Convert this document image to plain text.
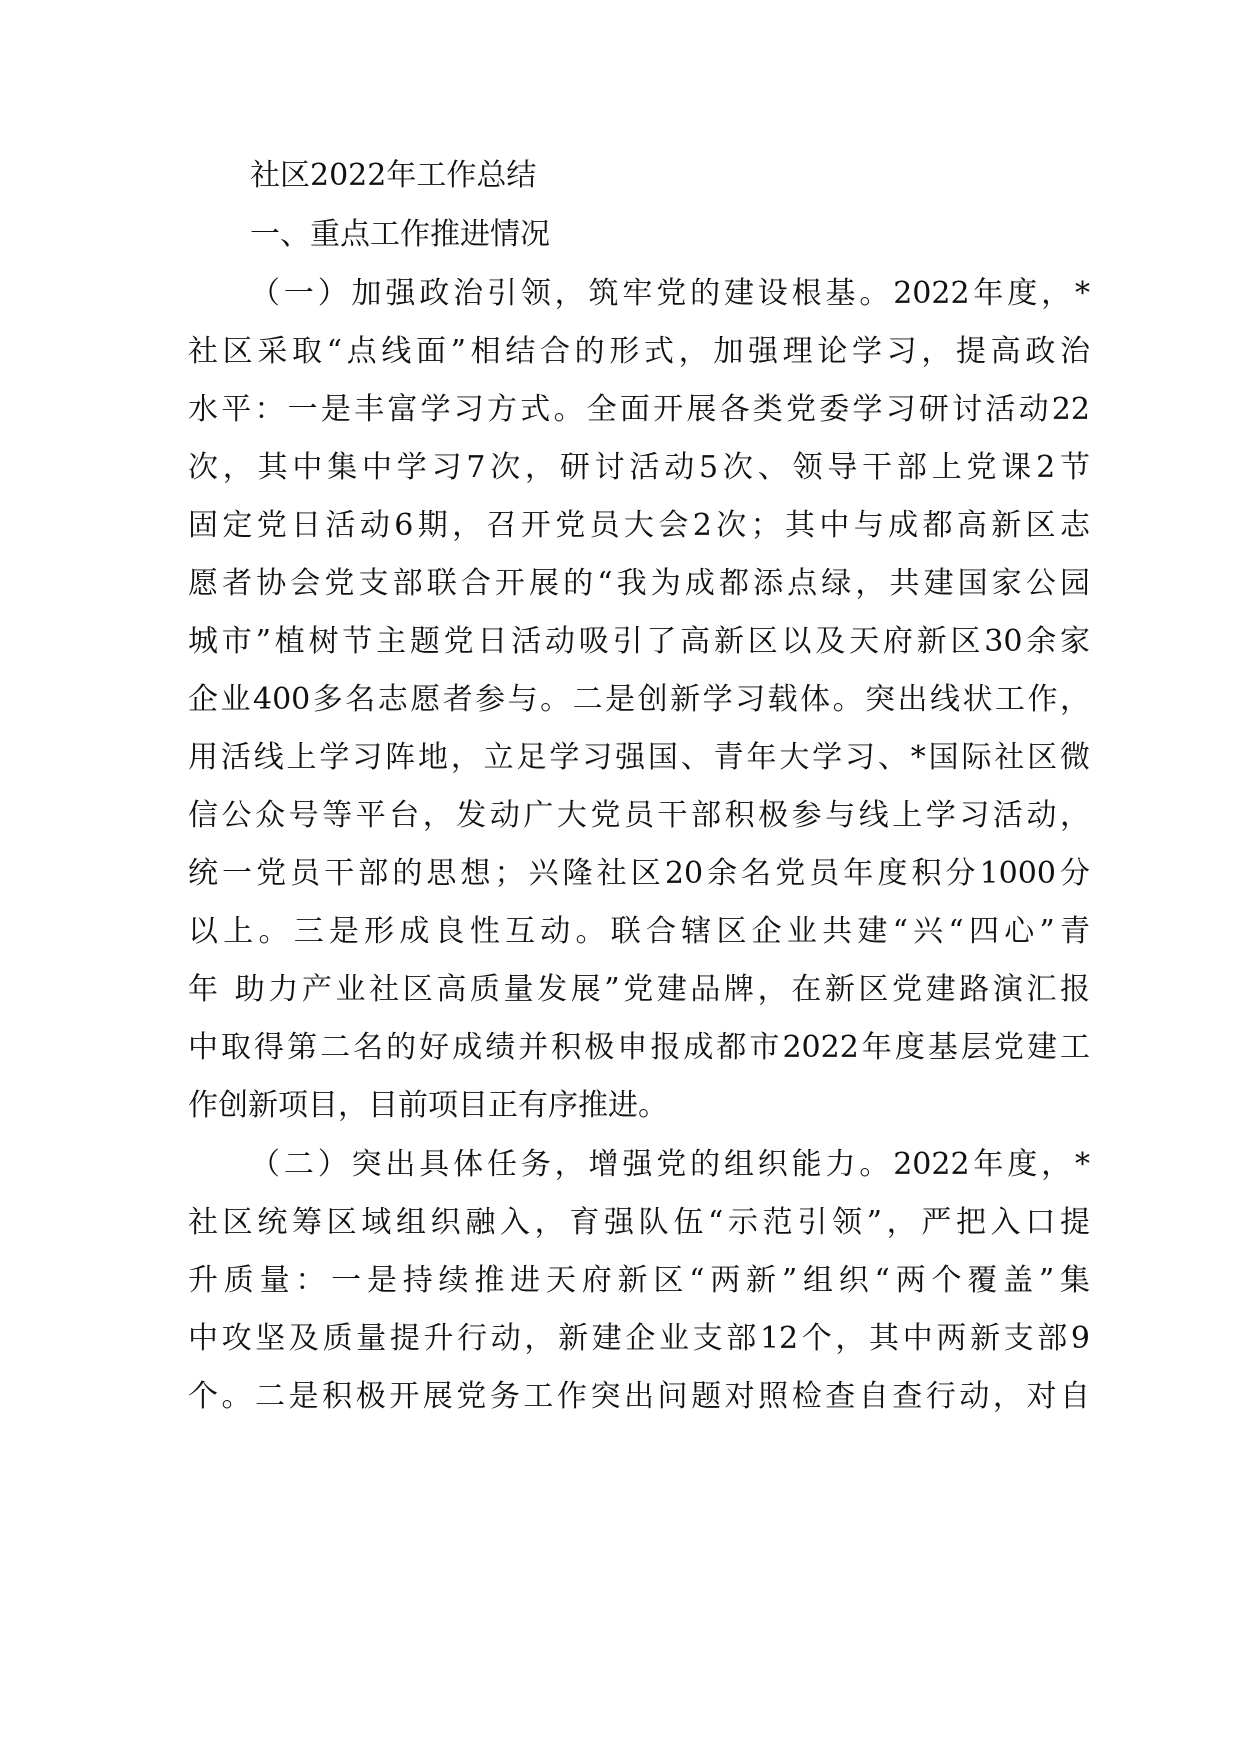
社区2022年工作总结

一、重点工作推进情况

（一）加强政治引领，筑牢党的建设根基。2022年度，*

社区采取“点线面”相结合的形式，加强理论学习，提高政治

水平：一是丰富学习方式。全面开展各类党委学习研讨活动22

次，其中集中学习7次，研讨活动5次、领导干部上党课2节

固定党日活动6期，召开党员大会2次；其中与成都高新区志

愿者协会党支部联合开展的“我为成都添点绿，共建国家公园

城市”植树节主题党日活动吸引了高新区以及天府新区30余家

企业400多名志愿者参与。二是创新学习载体。突出线状工作，

用活线上学习阵地，立足学习强国、青年大学习、*国际社区微

信公众号等平台，发动广大党员干部积极参与线上学习活动，

统一党员干部的思想；兴隆社区20余名党员年度积分1000分

以上。三是形成良性互动。联合辖区企业共建“兴“四心”青

年 助力产业社区高质量发展”党建品牌，在新区党建路演汇报

中取得第二名的好成绩并积极申报成都市2022年度基层党建工

作创新项目，目前项目正有序推进。

（二）突出具体任务，增强党的组织能力。2022年度，*

社区统筹区域组织融入，育强队伍“示范引领”，严把入口提

升质量：一是持续推进天府新区“两新”组织“两个覆盖”集

中攻坚及质量提升行动，新建企业支部12个，其中两新支部9

个。二是积极开展党务工作突出问题对照检查自查行动，对自
